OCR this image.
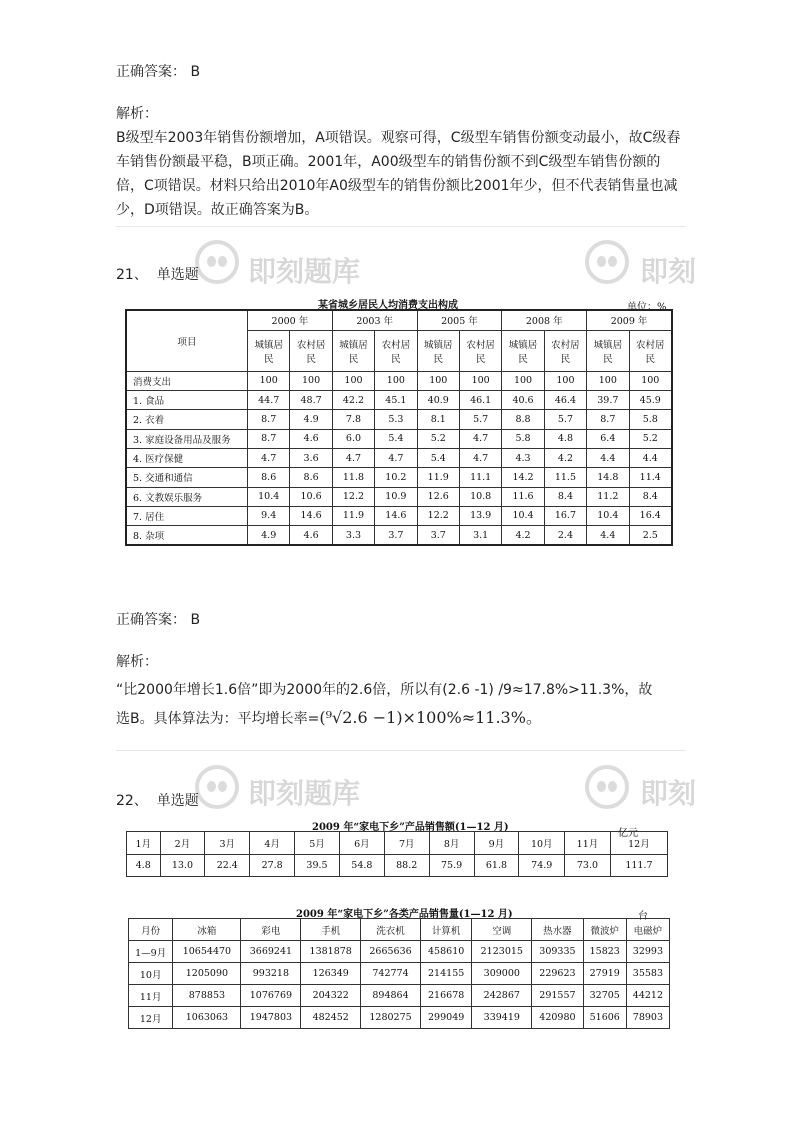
正确答案： B

解析：

B级型车2003年销售份额增加，A项错误。观察可得，C级型车销售份额变动最小，故C级舂车销售份额最平稳，B项正确。2001年，A00级型车的销售份额不到C级型车销售份额的倍，C项错误。材料只给出2010年A0级型车的销售份额比2001年少，但不代表销售量也减少，D项错误。故正确答案为B。

即刻题库	即刻
21、 单选题
某省城乡居民人均消费支出构成	单位：%
项目	2000 年		2003 年		2005 年		2008 年		2009 年	
	城镇居民	农村居民	城镇居民	农村居民	城镇居民	农村居民	城镇居民	农村居民	城镇居民	农村居民
消费支出	100	100	100	100	100	100	100	100	100	100
1. 食品	44.7	48.7	42.2	45.1	40.9	46.1	40.6	46.4	39.7	45.9
2. 衣着	8.7	4.9	7.8	5.3	8.1	5.7	8.8	5.7	8.7	5.8
3. 家庭设备用品及服务	8.7	4.6	6.0	5.4	5.2	4.7	5.8	4.8	6.4	5.2
4. 医疗保健	4.7	3.6	4.7	4.7	5.4	4.7	4.3	4.2	4.4	4.4
5. 交通和通信	8.6	8.6	11.8	10.2	11.9	11.1	14.2	11.5	14.8	11.4
6. 文教娱乐服务	10.4	10.6	12.2	10.9	12.6	10.8	11.6	8.4	11.2	8.4
7. 居住	9.4	14.6	11.9	14.6	12.2	13.9	10.4	16.7	10.4	16.4
8. 杂项	4.9	4.6	3.3	3.7	3.7	3.1	4.2	2.4	4.4	2.5

正确答案： B

解析：

“比2000年增长1.6倍”即为2000年的2.6倍，所以有(2.6 -1) /9≈17.8%>11.3%，故

选B。具体算法为：平均增长率=(⁹√2.6 −1)×100%≈11.3%。

即刻题库	即刻
22、 单选题
2009 年“家电下乡”产品销售额(1—12 月)
亿元
1月	2月	3月	4月	5月	6月	7月	8月	9月	10月	11月	12月
4.8	13.0	22.4	27.8	39.5	54.8	88.2	75.9	61.8	74.9	73.0	111.7
2009 年“家电下乡”各类产品销售量(1—12 月)	台
月份	冰箱	彩电	手机	洗衣机	计算机	空调	热水器	微波炉	电磁炉
1—9月	10654470	3669241	1381878	2665636	458610	2123015	309335	15823	32993
10月	1205090	993218	126349	742774	214155	309000	229623	27919	35583
11月	878853	1076769	204322	894864	216678	242867	291557	32705	44212
12月	1063063	1947803	482452	1280275	299049	339419	420980	51606	78903
